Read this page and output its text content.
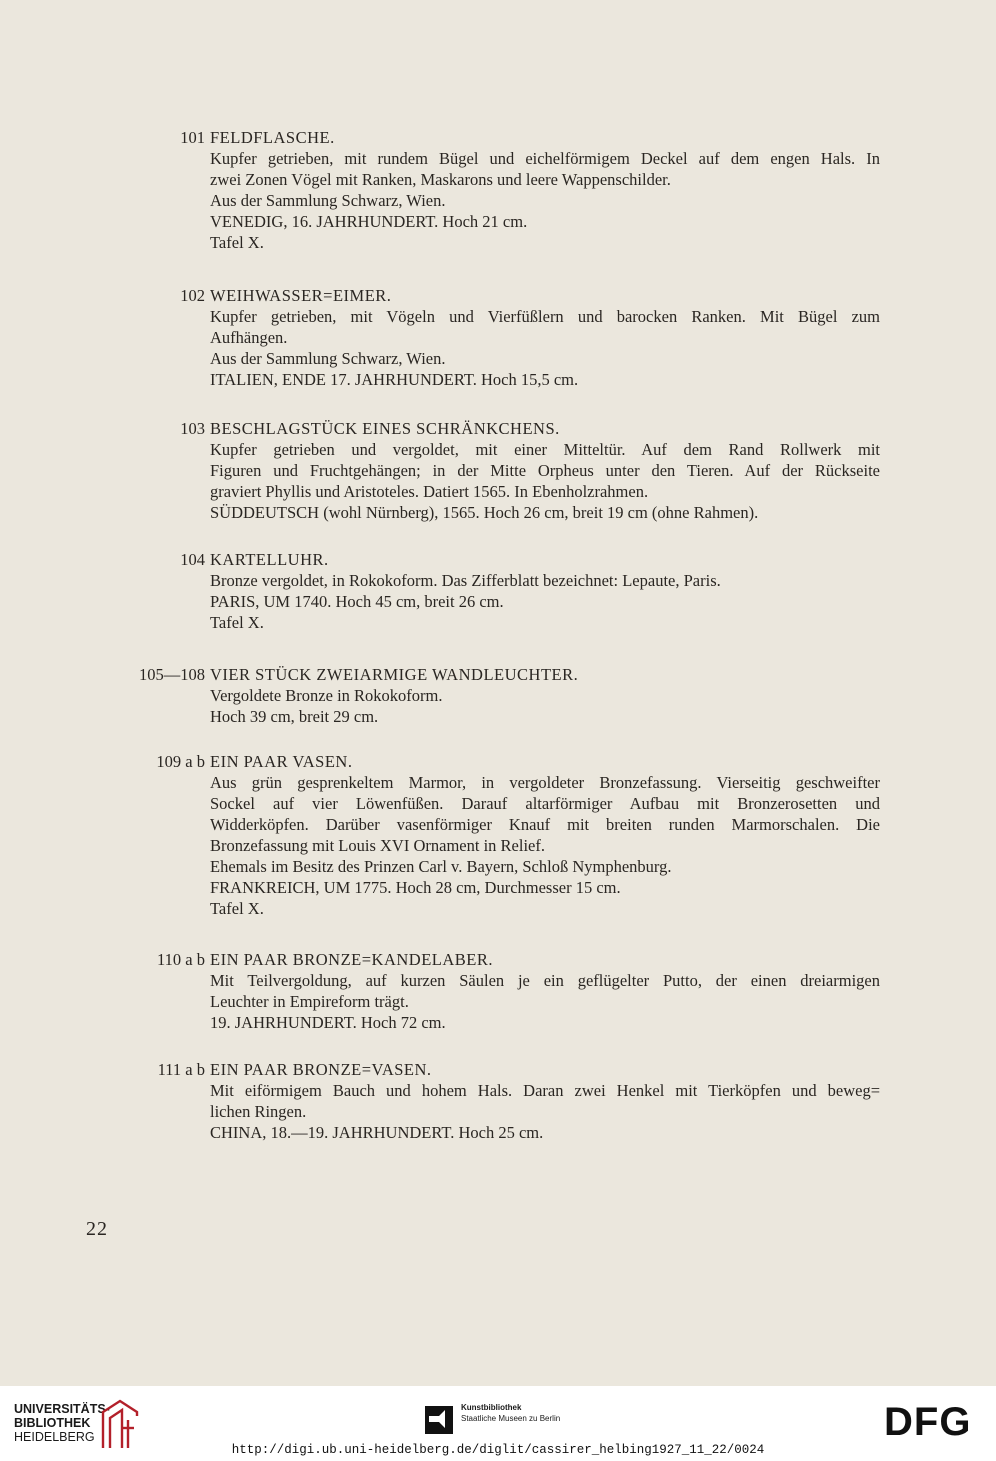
101 FELDFLASCHE.
Kupfer getrieben, mit rundem Bügel und eichelförmigem Deckel auf dem engen Hals. In
zwei Zonen Vögel mit Ranken, Maskarons und leere Wappenschilder.
Aus der Sammlung Schwarz, Wien.
VENEDIG, 16. JAHRHUNDERT. Hoch 21 cm.
Tafel X.
102 WEIHWASSER=EIMER.
Kupfer getrieben, mit Vögeln und Vierfüßlern und barocken Ranken. Mit Bügel zum
Aufhängen.
Aus der Sammlung Schwarz, Wien.
ITALIEN, ENDE 17. JAHRHUNDERT. Hoch 15,5 cm.
103 BESCHLAGSTÜCK EINES SCHRÄNKCHENS.
Kupfer getrieben und vergoldet, mit einer Mitteltür. Auf dem Rand Rollwerk mit
Figuren und Fruchtgehängen; in der Mitte Orpheus unter den Tieren. Auf der Rückseite
graviert Phyllis und Aristoteles. Datiert 1565. In Ebenholzrahmen.
SÜDDEUTSCH (wohl Nürnberg), 1565. Hoch 26 cm, breit 19 cm (ohne Rahmen).
104 KARTELLUHR.
Bronze vergoldet, in Rokokoform. Das Zifferblatt bezeichnet: Lepaute, Paris.
PARIS, UM 1740. Hoch 45 cm, breit 26 cm.
Tafel X.
105—108 VIER STÜCK ZWEIARMIGE WANDLEUCHTER.
Vergoldete Bronze in Rokokoform.
Hoch 39 cm, breit 29 cm.
109 a b EIN PAAR VASEN.
Aus grün gesprenkeltem Marmor, in vergoldeter Bronzefassung. Vierseitig geschweifter
Sockel auf vier Löwenfüßen. Darauf altarförmiger Aufbau mit Bronzerosetten und
Widderköpfen. Darüber vasenförmiger Knauf mit breiten runden Marmorschalen. Die
Bronzefassung mit Louis XVI Ornament in Relief.
Ehemals im Besitz des Prinzen Carl v. Bayern, Schloß Nymphenburg.
FRANKREICH, UM 1775. Hoch 28 cm, Durchmesser 15 cm.
Tafel X.
110 a b EIN PAAR BRONZE=KANDELABER.
Mit Teilvergoldung, auf kurzen Säulen je ein geflügelter Putto, der einen dreiarmigen
Leuchter in Empireform trägt.
19. JAHRHUNDERT. Hoch 72 cm.
111 a b EIN PAAR BRONZE=VASEN.
Mit eiförmigem Bauch und hohem Hals. Daran zwei Henkel mit Tierköpfen und beweg=
lichen Ringen.
CHINA, 18.—19. JAHRHUNDERT. Hoch 25 cm.
22
UNIVERSITÄTS-
BIBLIOTHEK
HEIDELBERG
Kunstbibliothek
Staatliche Museen zu Berlin	DFG
http://digi.ub.uni-heidelberg.de/diglit/cassirer_helbing1927_11_22/0024
